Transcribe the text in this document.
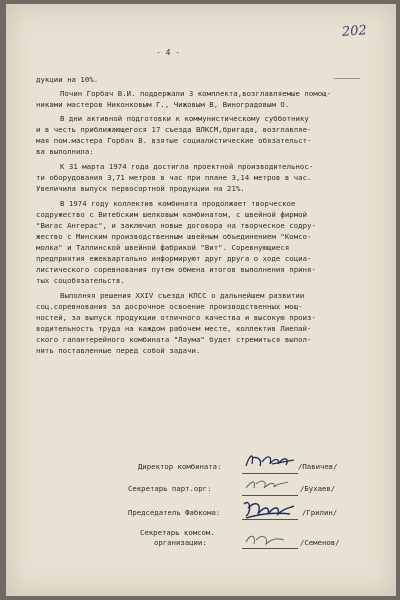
202
- 4 -
дукции на 10%.
Почин Горбач В.И. поддержали 3 комплекта,возглавляемые помощ-
никами мастеров Никонковым Г., Чижовым В, Виноградовым О.
В дни активной подготовки к коммунистическому субботнику
и в честь приближающегося 17 съезда ВЛКСМ,бригада, возглавляе-
мая пом.мастера Горбач В. взятые социалистические обязательст-
ва выполнила:
К 31 марта 1974 года достигла проектной производительнос-
ти оборудования 3,71 метров в час при плане 3,14 метров в час.
Увеличила выпуск первосортной продукции на 21%.
В 1974 году коллектив комбината продолжает творческое
содружество с Витебским шелковым комбинатом, с швейной фирмой
"Вигас Ангерас", и заключил новые договора на творческое содру-
жество с Минским производственным швейным объединением "Комсо-
молка" и Таллинской швейной фабрикой "Вит". Соревнующиеся
предприятия ежеквартально информируют друг друга о ходе социа-
листического соревнования путем обмена итогов выполнения приня-
тых соцобязательств.
Выполняя решения XXIV съезда КПСС о дальнейшем развитии
соц.соревнования за досрочное освоение производственных мощ-
ностей, за выпуск продукции отличного качества и высокую произ-
водительность труда на каждом рабочем месте, коллектив Лиепай-
ского галантерейного комбината "Лаума" будет стремиться выпол-
нить поставленные перед собой задачи.
Директор комбината:	/Павичев/
Секретарь парт.орг:	/Бухаев/
Председатель Фабкома:	/Грилин/
Секретарь комсом.
организации:	/Семенов/
